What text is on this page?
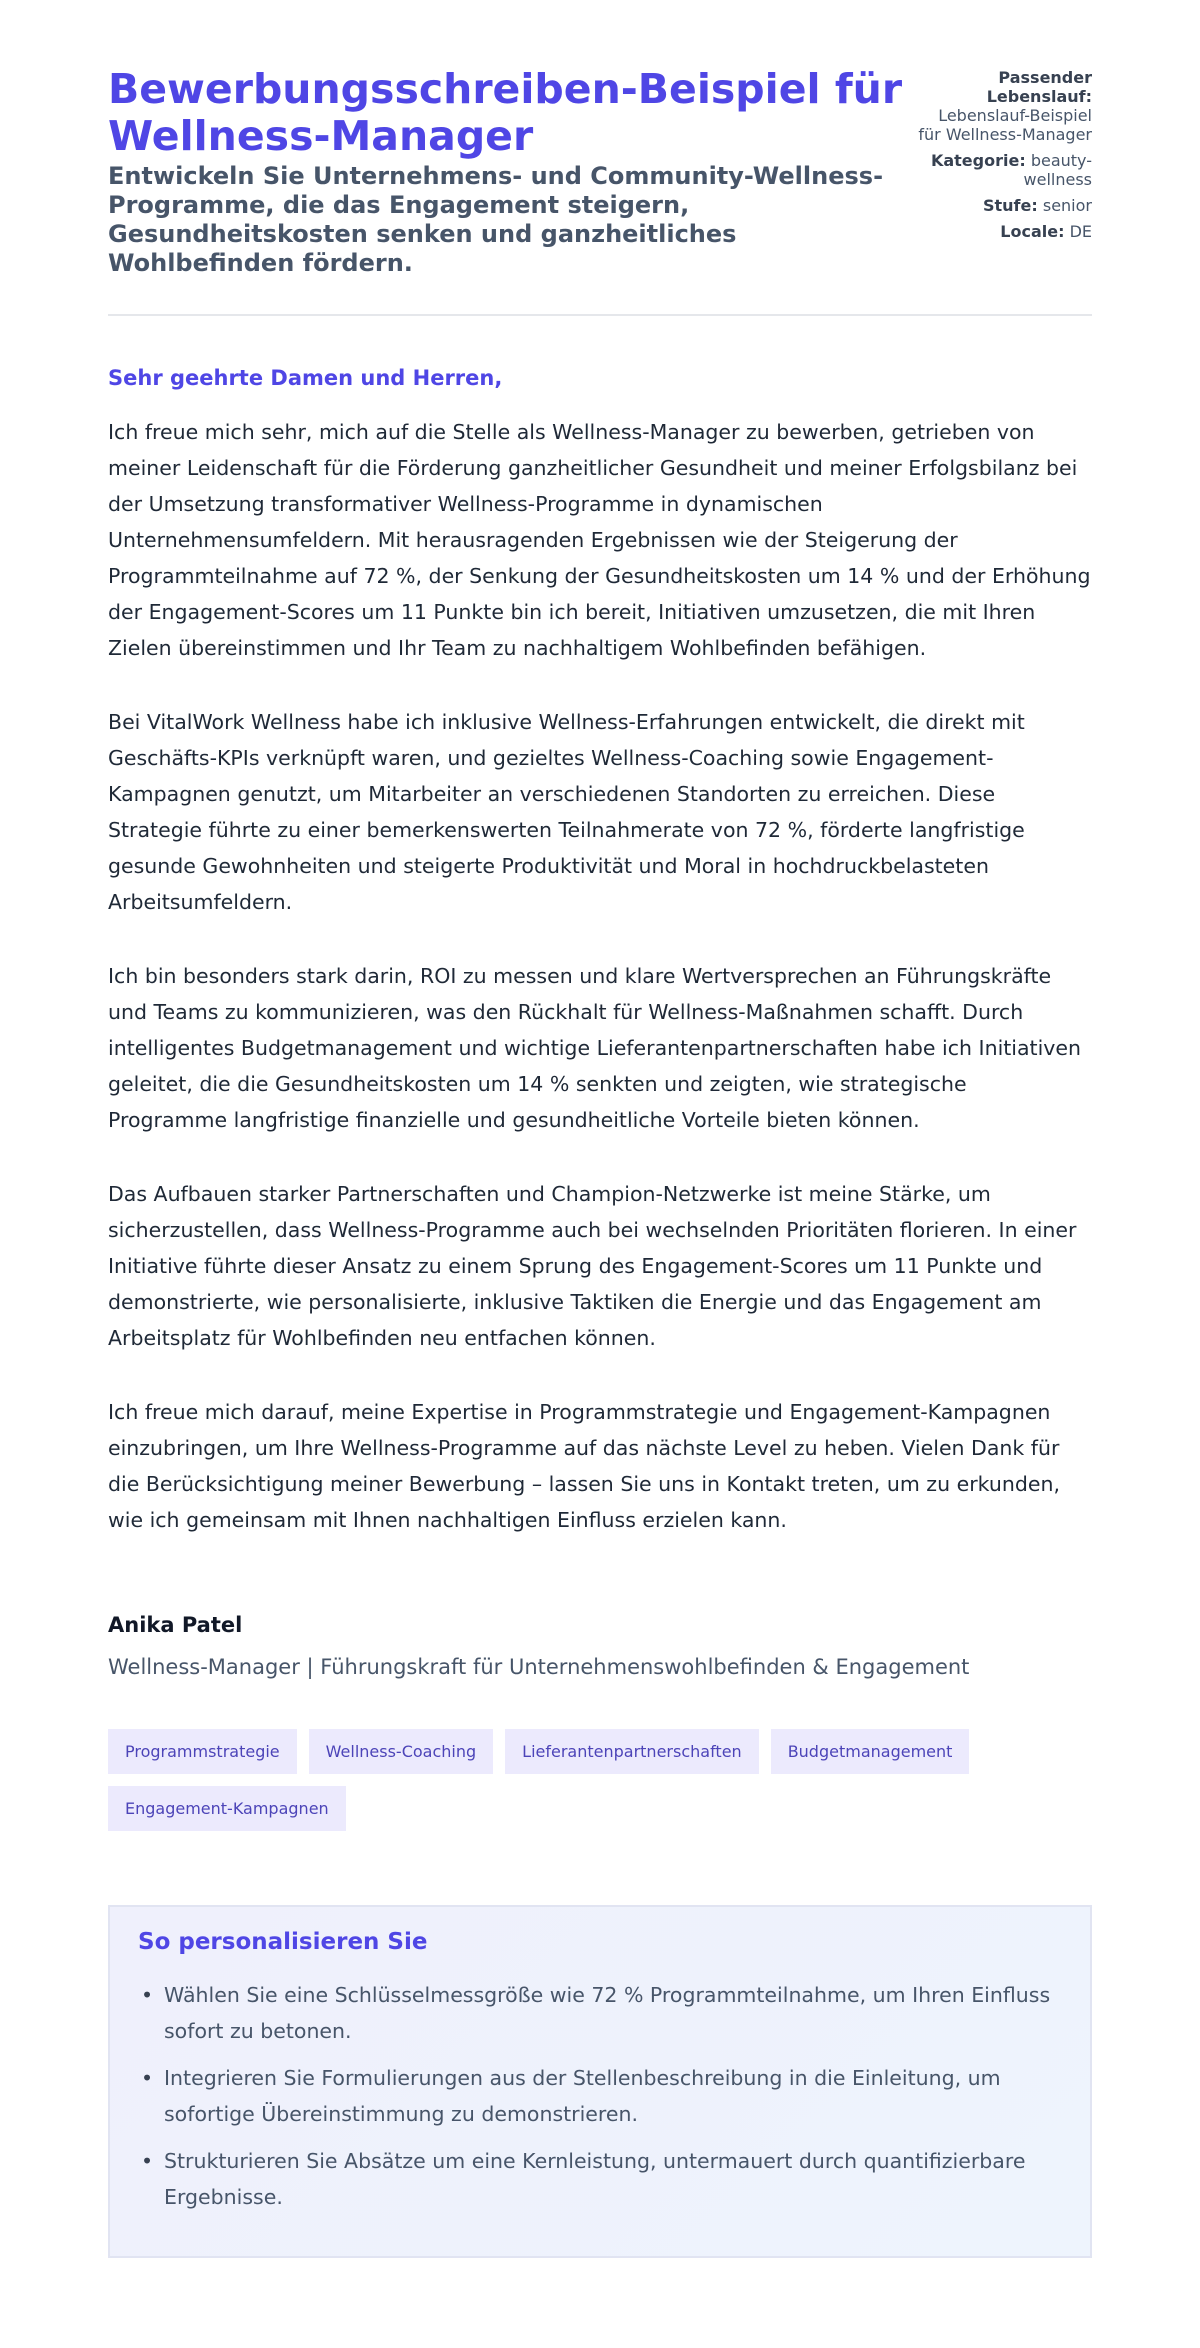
Bewerbungsschreiben-Beispiel für Wellness-Manager
Entwickeln Sie Unternehmens- und Community-Wellness-Programme, die das Engagement steigern, Gesundheitskosten senken und ganzheitliches Wohlbefinden fördern.
Passender Lebenslauf: Lebenslauf-Beispiel für Wellness-Manager
Kategorie: beauty-wellness
Stufe: senior
Locale: DE

Sehr geehrte Damen und Herren,

Ich freue mich sehr, mich auf die Stelle als Wellness-Manager zu bewerben, getrieben von meiner Leidenschaft für die Förderung ganzheitlicher Gesundheit und meiner Erfolgsbilanz bei der Umsetzung transformativer Wellness-Programme in dynamischen Unternehmensumfeldern. Mit herausragenden Ergebnissen wie der Steigerung der Programmteilnahme auf 72 %, der Senkung der Gesundheitskosten um 14 % und der Erhöhung der Engagement-Scores um 11 Punkte bin ich bereit, Initiativen umzusetzen, die mit Ihren Zielen übereinstimmen und Ihr Team zu nachhaltigem Wohlbefinden befähigen.

Bei VitalWork Wellness habe ich inklusive Wellness-Erfahrungen entwickelt, die direkt mit Geschäfts-KPIs verknüpft waren, und gezieltes Wellness-Coaching sowie Engagement-Kampagnen genutzt, um Mitarbeiter an verschiedenen Standorten zu erreichen. Diese Strategie führte zu einer bemerkenswerten Teilnahmerate von 72 %, förderte langfristige gesunde Gewohnheiten und steigerte Produktivität und Moral in hochdruckbelasteten Arbeitsumfeldern.

Ich bin besonders stark darin, ROI zu messen und klare Wertversprechen an Führungskräfte und Teams zu kommunizieren, was den Rückhalt für Wellness-Maßnahmen schafft. Durch intelligentes Budgetmanagement und wichtige Lieferantenpartnerschaften habe ich Initiativen geleitet, die die Gesundheitskosten um 14 % senkten und zeigten, wie strategische Programme langfristige finanzielle und gesundheitliche Vorteile bieten können.

Das Aufbauen starker Partnerschaften und Champion-Netzwerke ist meine Stärke, um sicherzustellen, dass Wellness-Programme auch bei wechselnden Prioritäten florieren. In einer Initiative führte dieser Ansatz zu einem Sprung des Engagement-Scores um 11 Punkte und demonstrierte, wie personalisierte, inklusive Taktiken die Energie und das Engagement am Arbeitsplatz für Wohlbefinden neu entfachen können.

Ich freue mich darauf, meine Expertise in Programmstrategie und Engagement-Kampagnen einzubringen, um Ihre Wellness-Programme auf das nächste Level zu heben. Vielen Dank für die Berücksichtigung meiner Bewerbung – lassen Sie uns in Kontakt treten, um zu erkunden, wie ich gemeinsam mit Ihnen nachhaltigen Einfluss erzielen kann.

Anika Patel

Wellness-Manager | Führungskraft für Unternehmenswohlbefinden & Engagement

Programmstrategie	Wellness-Coaching	Lieferantenpartnerschaften	Budgetmanagement
Engagement-Kampagnen
So personalisieren Sie
• Wählen Sie eine Schlüsselmessgröße wie 72 % Programmteilnahme, um Ihren Einfluss sofort zu betonen.
• Integrieren Sie Formulierungen aus der Stellenbeschreibung in die Einleitung, um sofortige Übereinstimmung zu demonstrieren.
• Strukturieren Sie Absätze um eine Kernleistung, untermauert durch quantifizierbare Ergebnisse.
